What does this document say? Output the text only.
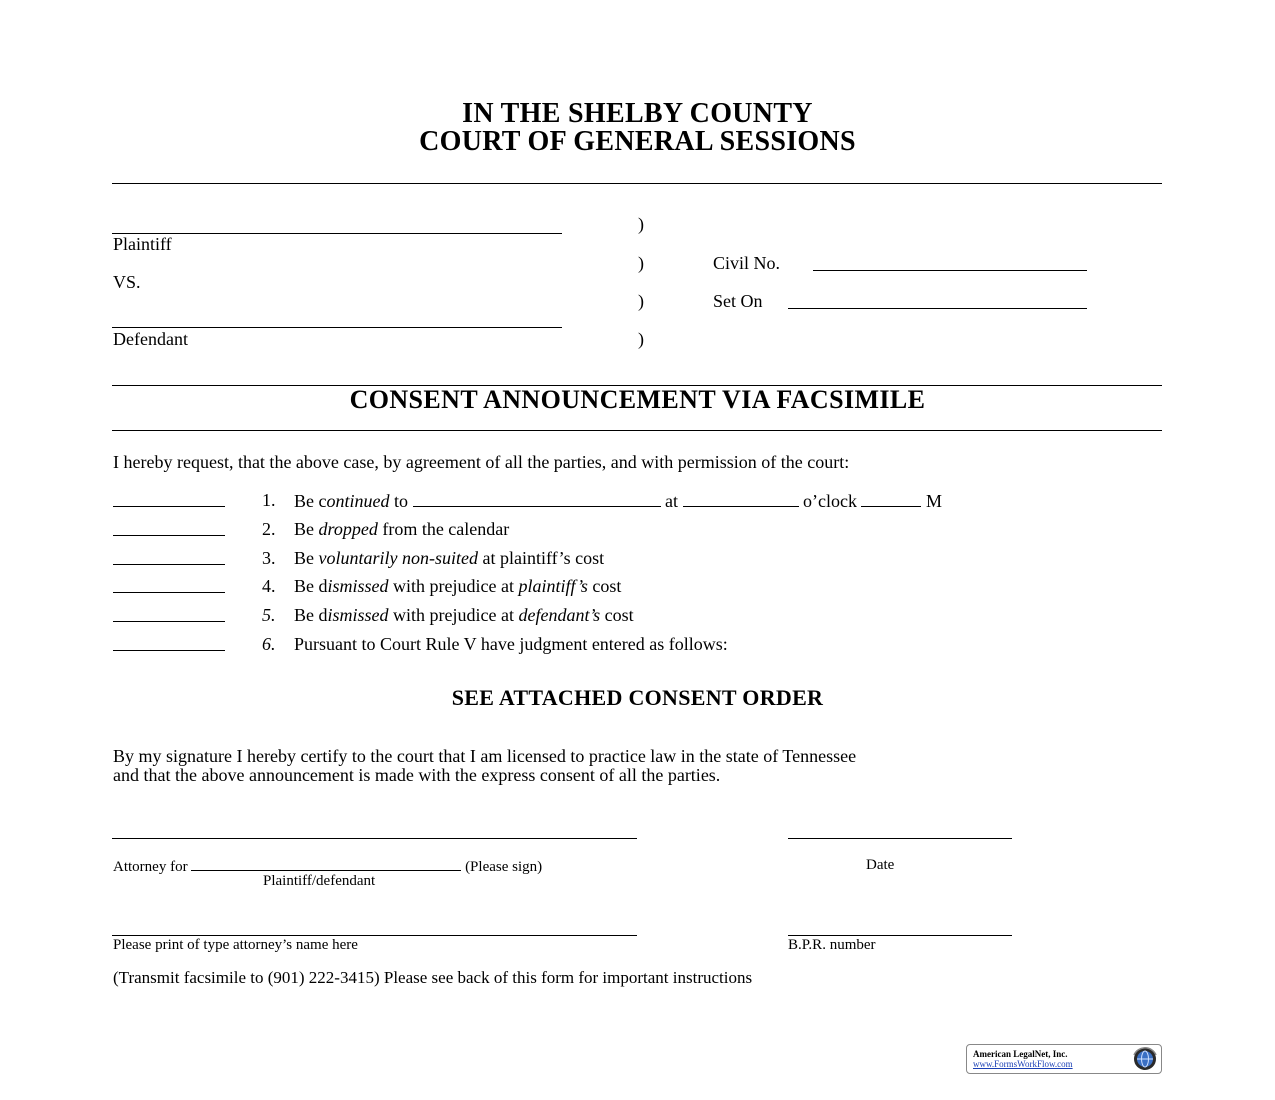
IN THE SHELBY COUNTY
COURT OF GENERAL SESSIONS
Plaintiff
VS.
Defendant
)
)
)
)
Civil No.
Set On
CONSENT ANNOUNCEMENT VIA FACSIMILE
I hereby request, that the above case, by agreement of all the parties, and with permission of the court:
1. Be continued to	at	o’clock	M
2. Be dropped from the calendar
3. Be voluntarily non-suited at plaintiff’s cost
4. Be dismissed with prejudice at plaintiff’s cost
5. Be dismissed with prejudice at defendant’s cost
6. Pursuant to Court Rule V have judgment entered as follows:
SEE ATTACHED CONSENT ORDER
By my signature I hereby certify to the court that I am licensed to practice law in the state of Tennessee
and that the above announcement is made with the express consent of all the parties.
Attorney for	(Please sign)	Date
Plaintiff/defendant
Please print of type attorney’s name here	B.P.R. number
(Transmit facsimile to (901) 222-3415) Please see back of this form for important instructions
American LegalNet, Inc.
www.FormsWorkFlow.com
